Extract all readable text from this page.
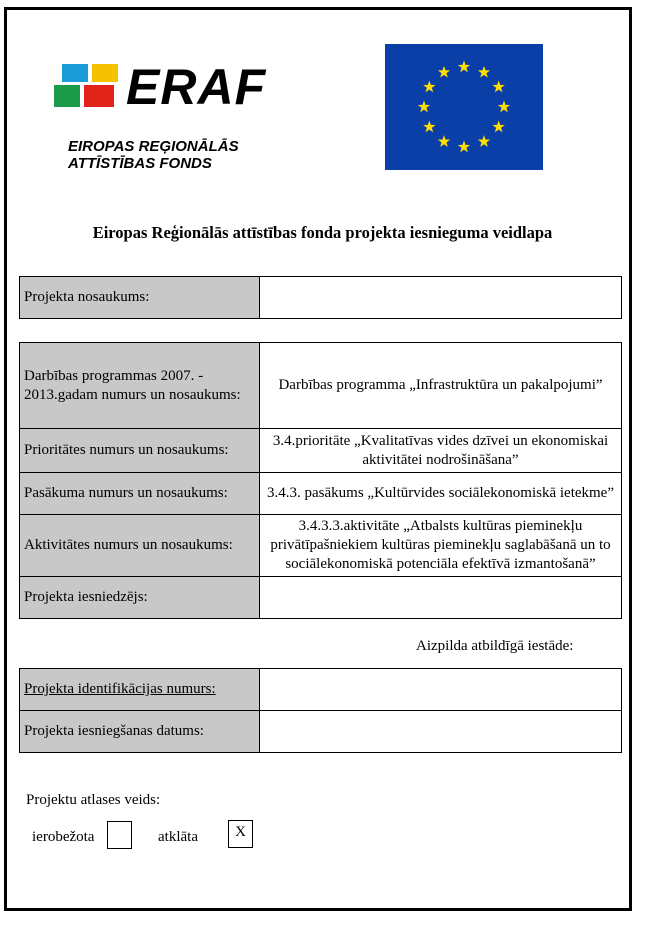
ERAF
EIROPAS REĢIONĀLĀS
ATTĪSTĪBAS FONDS
Eiropas Reģionālās attīstības fonda projekta iesnieguma veidlapa
Projekta nosaukums:	
Darbības programmas 2007. - 2013.gadam numurs un nosaukums:	Darbības programma „Infrastruktūra un pakalpojumi”
Prioritātes numurs un nosaukums:	3.4.prioritāte „Kvalitatīvas vides dzīvei un ekonomiskai aktivitātei nodrošināšana”
Pasākuma numurs un nosaukums:	3.4.3. pasākums „Kultūrvides sociālekonomiskā ietekme”
Aktivitātes numurs un nosaukums:	3.4.3.3.aktivitāte „Atbalsts kultūras pieminekļu privātīpašniekiem kultūras pieminekļu saglabāšanā un to sociālekonomiskā potenciāla efektīvā izmantošanā”
Projekta iesniedzējs:	
Aizpilda atbildīgā iestāde:
Projekta identifikācijas numurs:	
Projekta iesniegšanas datums:	
Projektu atlases veids:
ierobežota	atklāta	X
